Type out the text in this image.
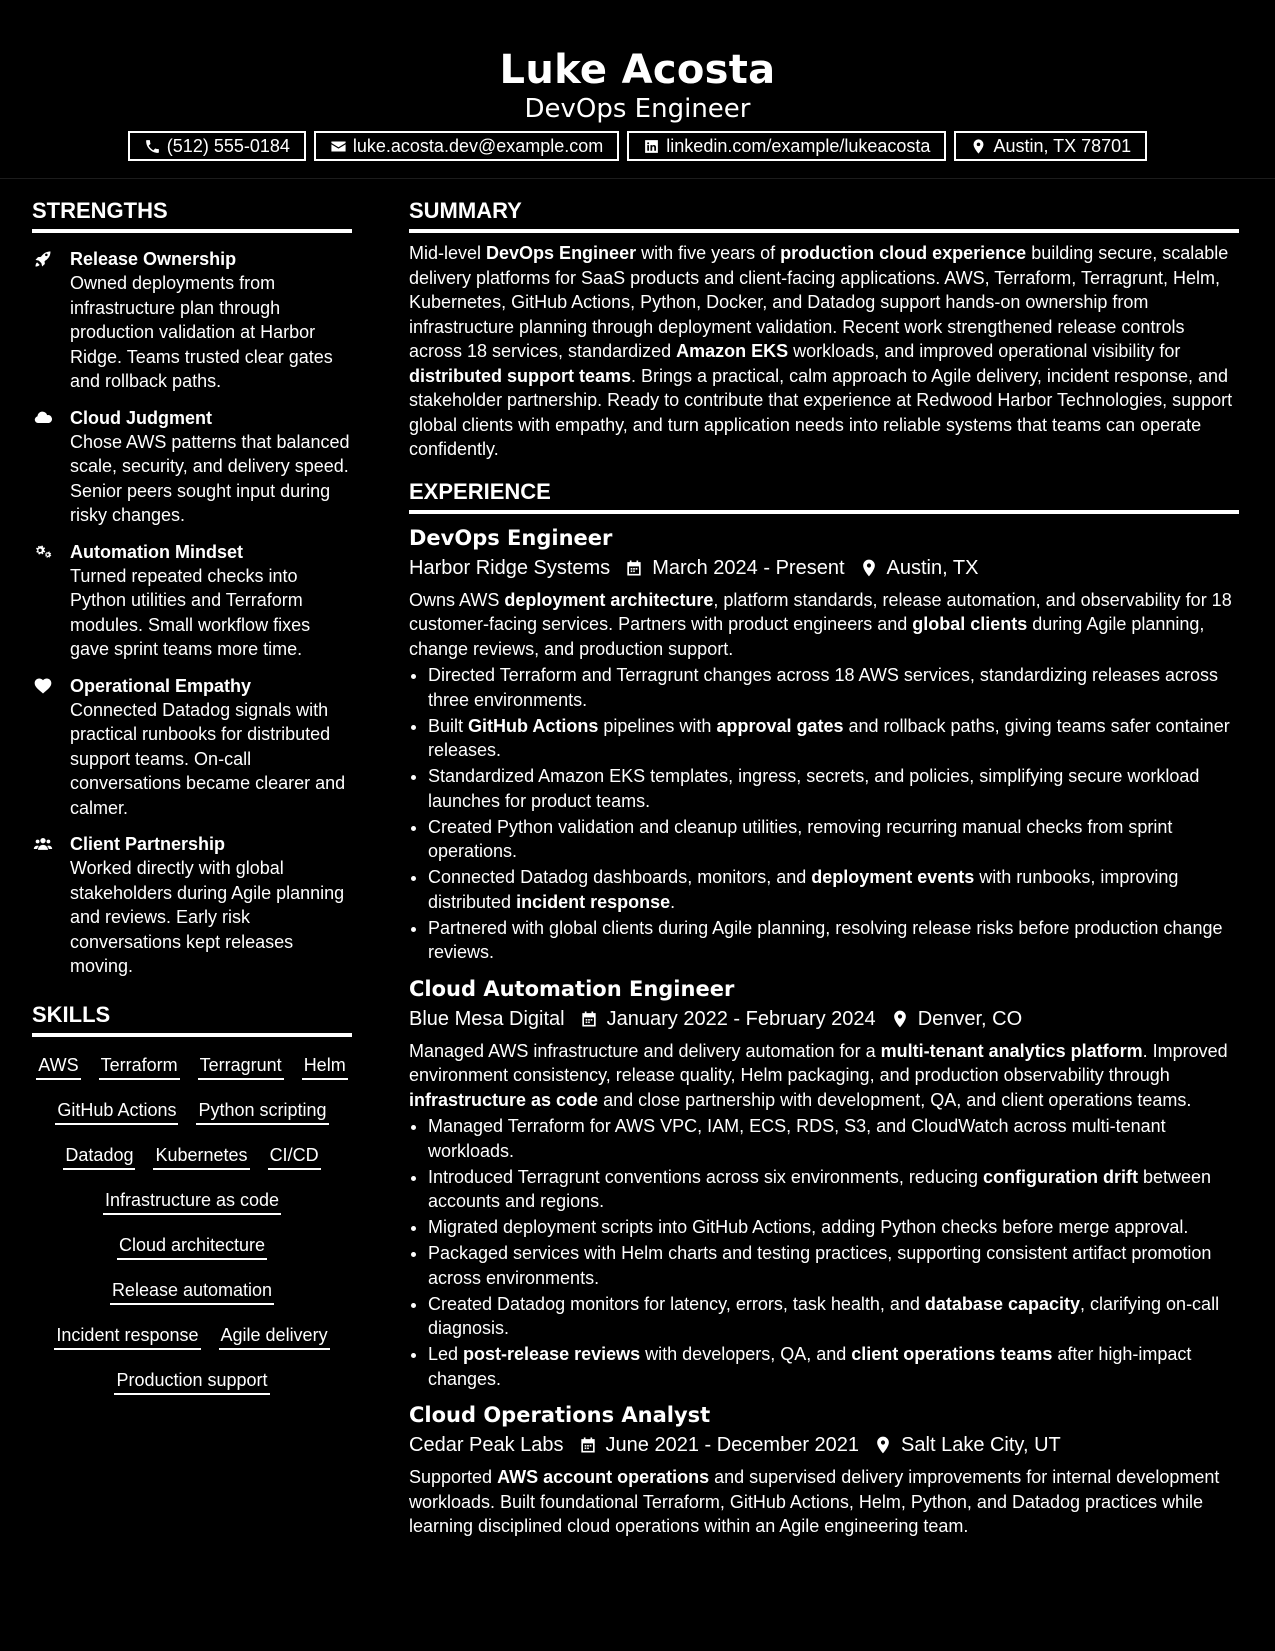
Luke Acosta
DevOps Engineer
(512) 555-0184	luke.acosta.dev@example.com	linkedin.com/example/lukeacosta	Austin, TX 78701
STRENGTHS
Release Ownership
Owned deployments from infrastructure plan through production validation at Harbor Ridge. Teams trusted clear gates and rollback paths.
Cloud Judgment
Chose AWS patterns that balanced scale, security, and delivery speed. Senior peers sought input during risky changes.
Automation Mindset
Turned repeated checks into Python utilities and Terraform modules. Small workflow fixes gave sprint teams more time.
Operational Empathy
Connected Datadog signals with practical runbooks for distributed support teams. On-call conversations became clearer and calmer.
Client Partnership
Worked directly with global stakeholders during Agile planning and reviews. Early risk conversations kept releases moving.
SKILLS
AWS Terraform Terragrunt Helm
GitHub Actions Python scripting
Datadog Kubernetes CI/CD
Infrastructure as code
Cloud architecture
Release automation
Incident response Agile delivery
Production support
SUMMARY

Mid-level DevOps Engineer with five years of production cloud experience building secure, scalable delivery platforms for SaaS products and client-facing applications. AWS, Terraform, Terragrunt, Helm, Kubernetes, GitHub Actions, Python, Docker, and Datadog support hands-on ownership from infrastructure planning through deployment validation. Recent work strengthened release controls across 18 services, standardized Amazon EKS workloads, and improved operational visibility for distributed support teams. Brings a practical, calm approach to Agile delivery, incident response, and stakeholder partnership. Ready to contribute that experience at Redwood Harbor Technologies, support global clients with empathy, and turn application needs into reliable systems that teams can operate confidently.

EXPERIENCE
DevOps Engineer
Harbor Ridge Systems March 2024 - Present Austin, TX
Owns AWS deployment architecture, platform standards, release automation, and observability for 18 customer-facing services. Partners with product engineers and global clients during Agile planning, change reviews, and production support.
• Directed Terraform and Terragrunt changes across 18 AWS services, standardizing releases across three environments.
• Built GitHub Actions pipelines with approval gates and rollback paths, giving teams safer container releases.
• Standardized Amazon EKS templates, ingress, secrets, and policies, simplifying secure workload launches for product teams.
• Created Python validation and cleanup utilities, removing recurring manual checks from sprint operations.
• Connected Datadog dashboards, monitors, and deployment events with runbooks, improving distributed incident response.
• Partnered with global clients during Agile planning, resolving release risks before production change reviews.
Cloud Automation Engineer
Blue Mesa Digital January 2022 - February 2024 Denver, CO
Managed AWS infrastructure and delivery automation for a multi-tenant analytics platform. Improved environment consistency, release quality, Helm packaging, and production observability through infrastructure as code and close partnership with development, QA, and client operations teams.
• Managed Terraform for AWS VPC, IAM, ECS, RDS, S3, and CloudWatch across multi-tenant workloads.
• Introduced Terragrunt conventions across six environments, reducing configuration drift between accounts and regions.
• Migrated deployment scripts into GitHub Actions, adding Python checks before merge approval.
• Packaged services with Helm charts and testing practices, supporting consistent artifact promotion across environments.
• Created Datadog monitors for latency, errors, task health, and database capacity, clarifying on-call diagnosis.
• Led post-release reviews with developers, QA, and client operations teams after high-impact changes.
Cloud Operations Analyst
Cedar Peak Labs June 2021 - December 2021 Salt Lake City, UT
Supported AWS account operations and supervised delivery improvements for internal development workloads. Built foundational Terraform, GitHub Actions, Helm, Python, and Datadog practices while learning disciplined cloud operations within an Agile engineering team.
